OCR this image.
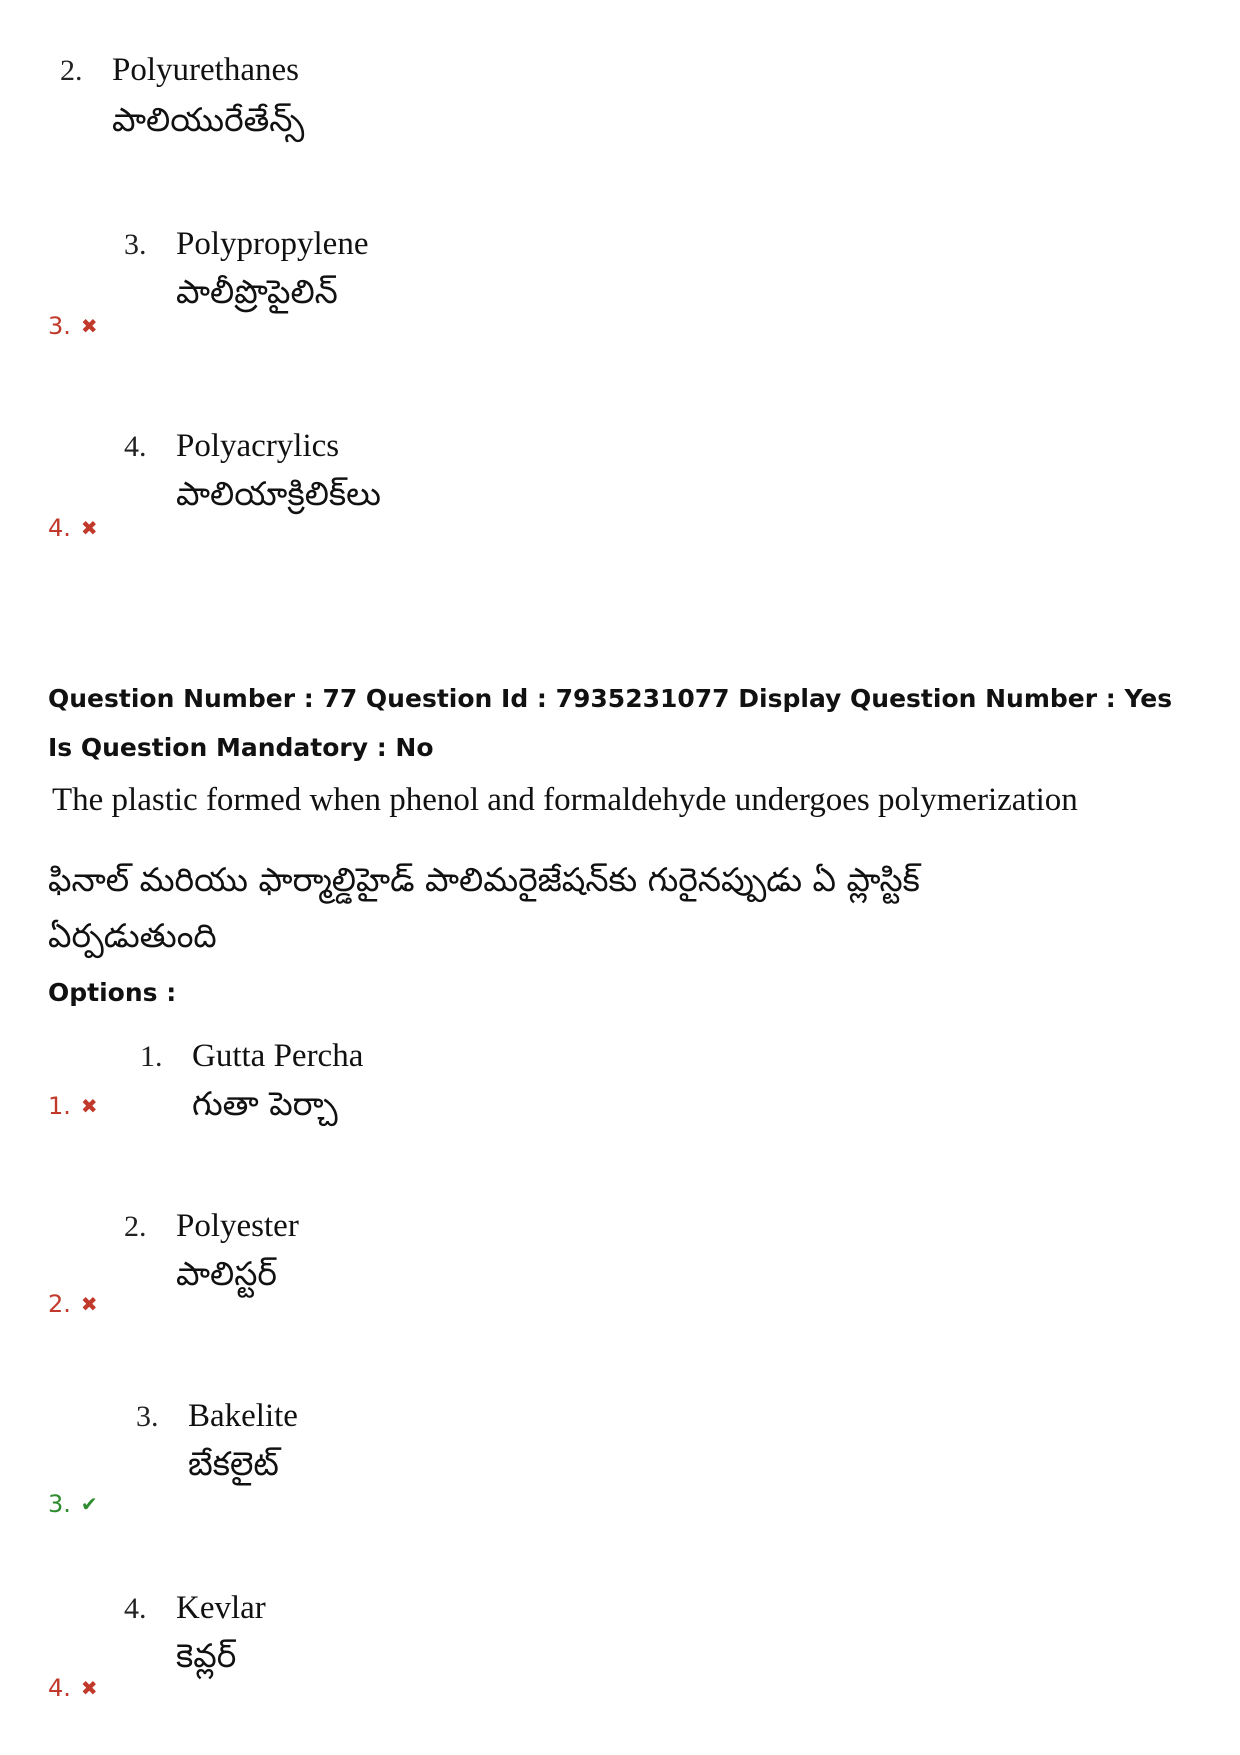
2. Polyurethanes
పాలియురేతేన్స్
3. Polypropylene
పాలీప్రొపైలిన్
3. ✖
4. Polyacrylics
పాలియాక్రిలిక్‌లు
4. ✖
Question Number : 77 Question Id : 7935231077 Display Question Number : Yes Is Question Mandatory : No
The plastic formed when phenol and formaldehyde undergoes polymerization
ఫినాల్ మరియు ఫార్మాల్డిహైడ్ పాలిమరైజేషన్‌కు గురైనప్పుడు ఏ ప్లాస్టిక్ ఏర్పడుతుంది
Options :
1. Gutta Percha
గుతా పెర్చా
1. ✖
2. Polyester
పాలిస్టర్
2. ✖
3. Bakelite
బేకలైట్
3. ✔
4. Kevlar
కెవ్లర్
4. ✖
